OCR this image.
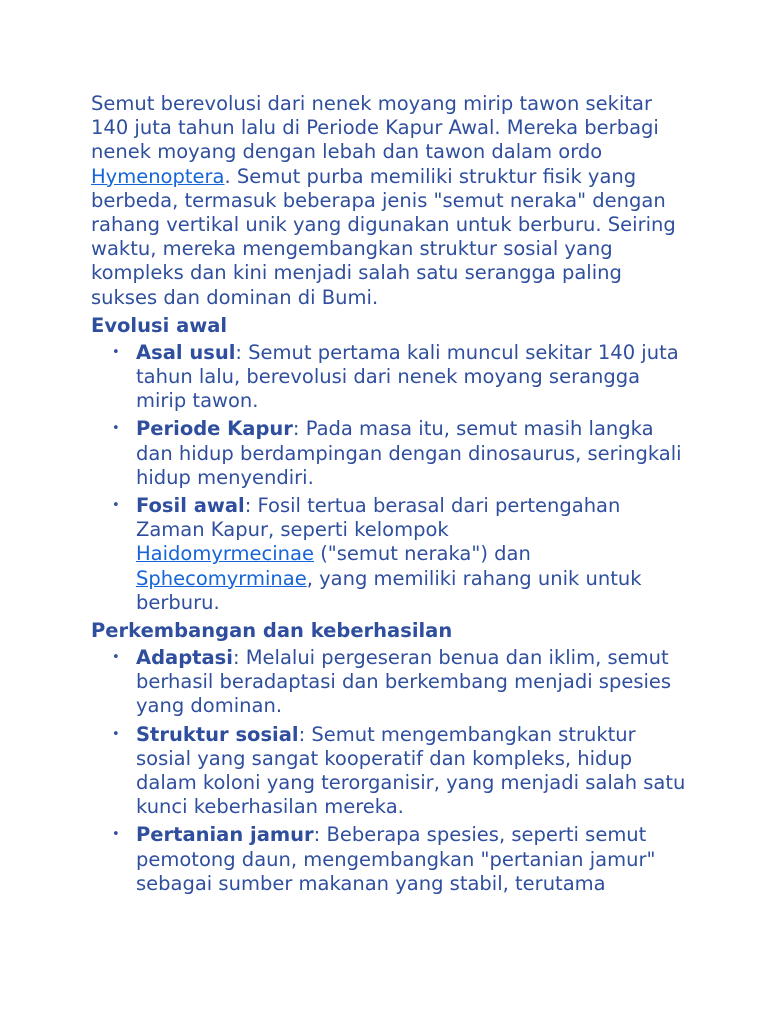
Semut berevolusi dari nenek moyang mirip tawon sekitar 140 juta tahun lalu di Periode Kapur Awal. Mereka berbagi nenek moyang dengan lebah dan tawon dalam ordo Hymenoptera. Semut purba memiliki struktur fisik yang berbeda, termasuk beberapa jenis "semut neraka" dengan rahang vertikal unik yang digunakan untuk berburu. Seiring waktu, mereka mengembangkan struktur sosial yang kompleks dan kini menjadi salah satu serangga paling sukses dan dominan di Bumi.

Evolusi awal
• Asal usul: Semut pertama kali muncul sekitar 140 juta tahun lalu, berevolusi dari nenek moyang serangga mirip tawon.
• Periode Kapur: Pada masa itu, semut masih langka dan hidup berdampingan dengan dinosaurus, seringkali hidup menyendiri.
• Fosil awal: Fosil tertua berasal dari pertengahan Zaman Kapur, seperti kelompok
Haidomyrmecinae ("semut neraka") dan
Sphecomyrminae, yang memiliki rahang unik untuk berburu.
Perkembangan dan keberhasilan
• Adaptasi: Melalui pergeseran benua dan iklim, semut berhasil beradaptasi dan berkembang menjadi spesies yang dominan.
• Struktur sosial: Semut mengembangkan struktur sosial yang sangat kooperatif dan kompleks, hidup dalam koloni yang terorganisir, yang menjadi salah satu kunci keberhasilan mereka.
• Pertanian jamur: Beberapa spesies, seperti semut pemotong daun, mengembangkan "pertanian jamur" sebagai sumber makanan yang stabil, terutama
